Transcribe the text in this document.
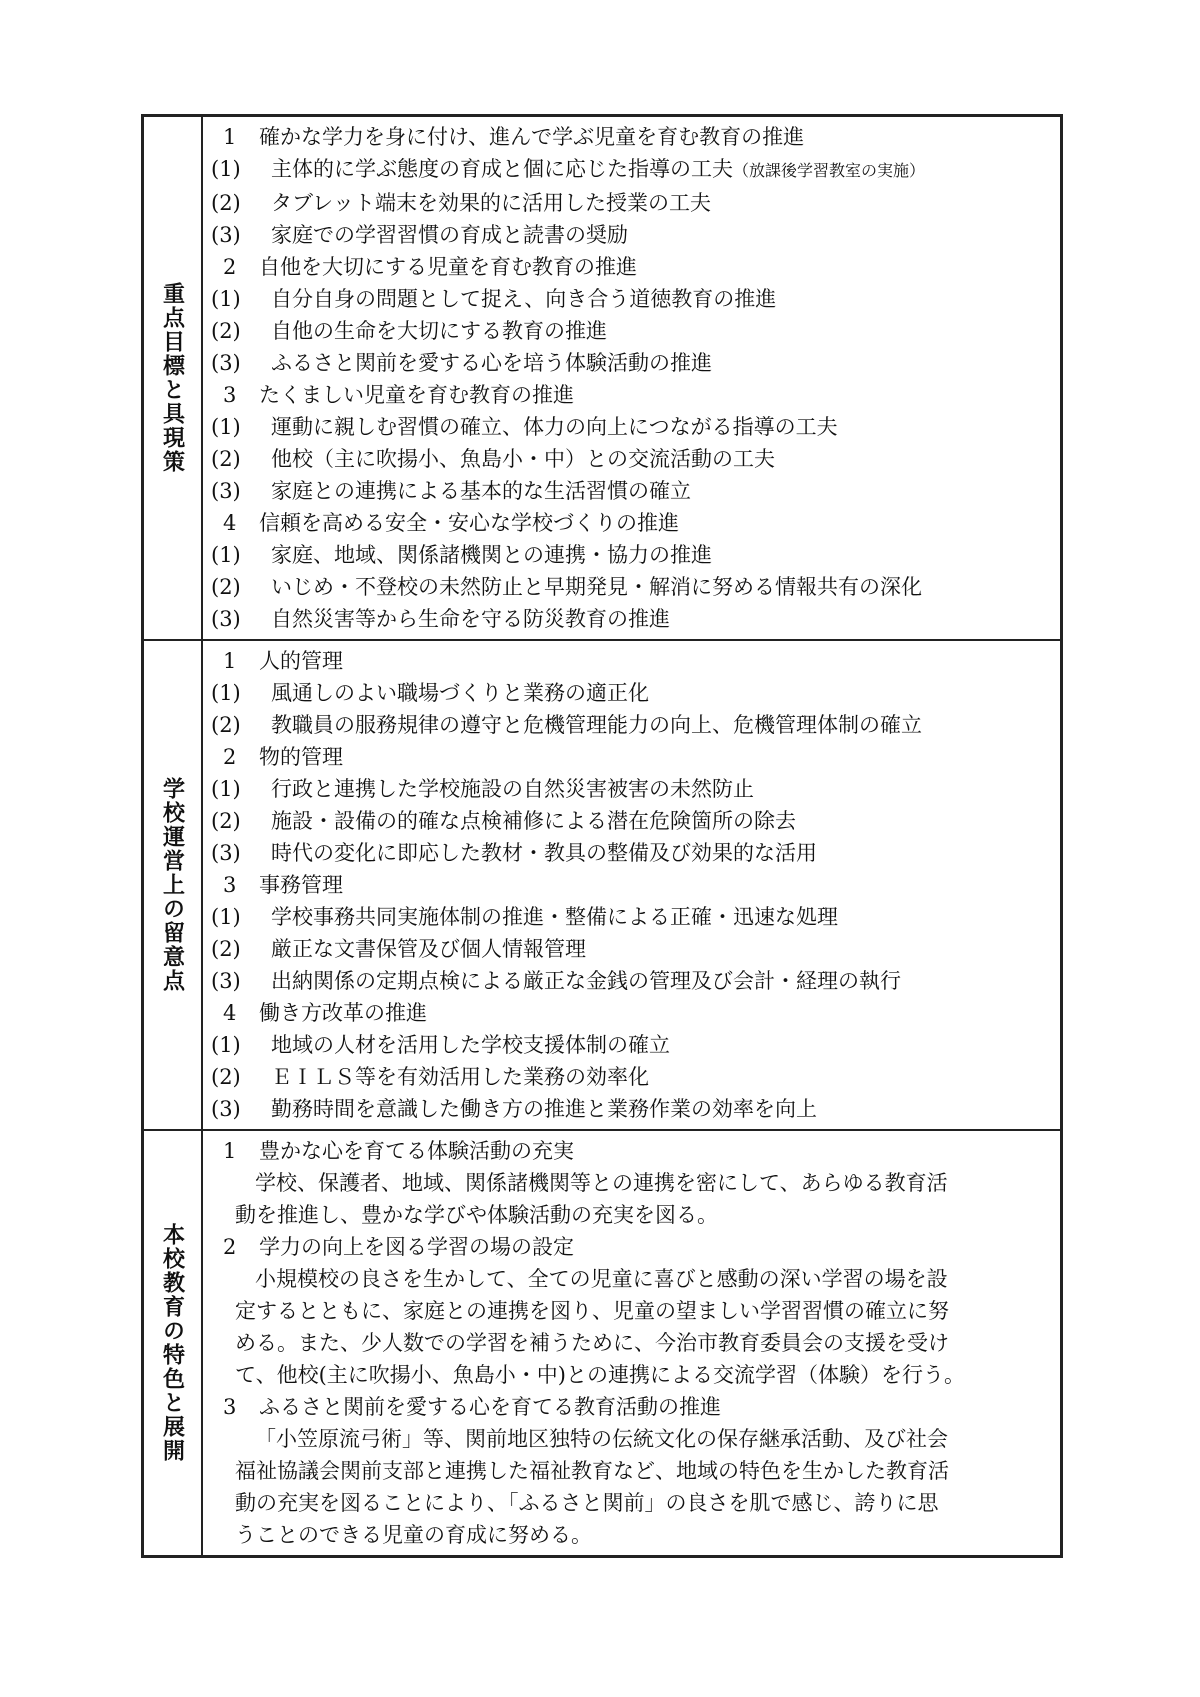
重点目標と具現策
1 確かな学力を身に付け、進んで学ぶ児童を育む教育の推進
(1) 主体的に学ぶ態度の育成と個に応じた指導の工夫（放課後学習教室の実施）
(2) タブレット端末を効果的に活用した授業の工夫
(3) 家庭での学習習慣の育成と読書の奨励
2 自他を大切にする児童を育む教育の推進
(1) 自分自身の問題として捉え、向き合う道徳教育の推進
(2) 自他の生命を大切にする教育の推進
(3) ふるさと関前を愛する心を培う体験活動の推進
3 たくましい児童を育む教育の推進
(1) 運動に親しむ習慣の確立、体力の向上につながる指導の工夫
(2) 他校（主に吹揚小、魚島小・中）との交流活動の工夫
(3) 家庭との連携による基本的な生活習慣の確立
4 信頼を高める安全・安心な学校づくりの推進
(1) 家庭、地域、関係諸機関との連携・協力の推進
(2) いじめ・不登校の未然防止と早期発見・解消に努める情報共有の深化
(3) 自然災害等から生命を守る防災教育の推進
学校運営上の留意点
1 人的管理
(1) 風通しのよい職場づくりと業務の適正化
(2) 教職員の服務規律の遵守と危機管理能力の向上、危機管理体制の確立
2 物的管理
(1) 行政と連携した学校施設の自然災害被害の未然防止
(2) 施設・設備の的確な点検補修による潜在危険箇所の除去
(3) 時代の変化に即応した教材・教具の整備及び効果的な活用
3 事務管理
(1) 学校事務共同実施体制の推進・整備による正確・迅速な処理
(2) 厳正な文書保管及び個人情報管理
(3) 出納関係の定期点検による厳正な金銭の管理及び会計・経理の執行
4 働き方改革の推進
(1) 地域の人材を活用した学校支援体制の確立
(2) ＥＩＬＳ等を有効活用した業務の効率化
(3) 勤務時間を意識した働き方の推進と業務作業の効率を向上
本校教育の特色と展開
1 豊かな心を育てる体験活動の充実
学校、保護者、地域、関係諸機関等との連携を密にして、あらゆる教育活
動を推進し、豊かな学びや体験活動の充実を図る。
2 学力の向上を図る学習の場の設定
小規模校の良さを生かして、全ての児童に喜びと感動の深い学習の場を設
定するとともに、家庭との連携を図り、児童の望ましい学習習慣の確立に努
める。また、少人数での学習を補うために、今治市教育委員会の支援を受け
て、他校(主に吹揚小、魚島小・中)との連携による交流学習（体験）を行う。
3 ふるさと関前を愛する心を育てる教育活動の推進
「小笠原流弓術」等、関前地区独特の伝統文化の保存継承活動、及び社会
福祉協議会関前支部と連携した福祉教育など、地域の特色を生かした教育活
動の充実を図ることにより、「ふるさと関前」の良さを肌で感じ、誇りに思
うことのできる児童の育成に努める。
